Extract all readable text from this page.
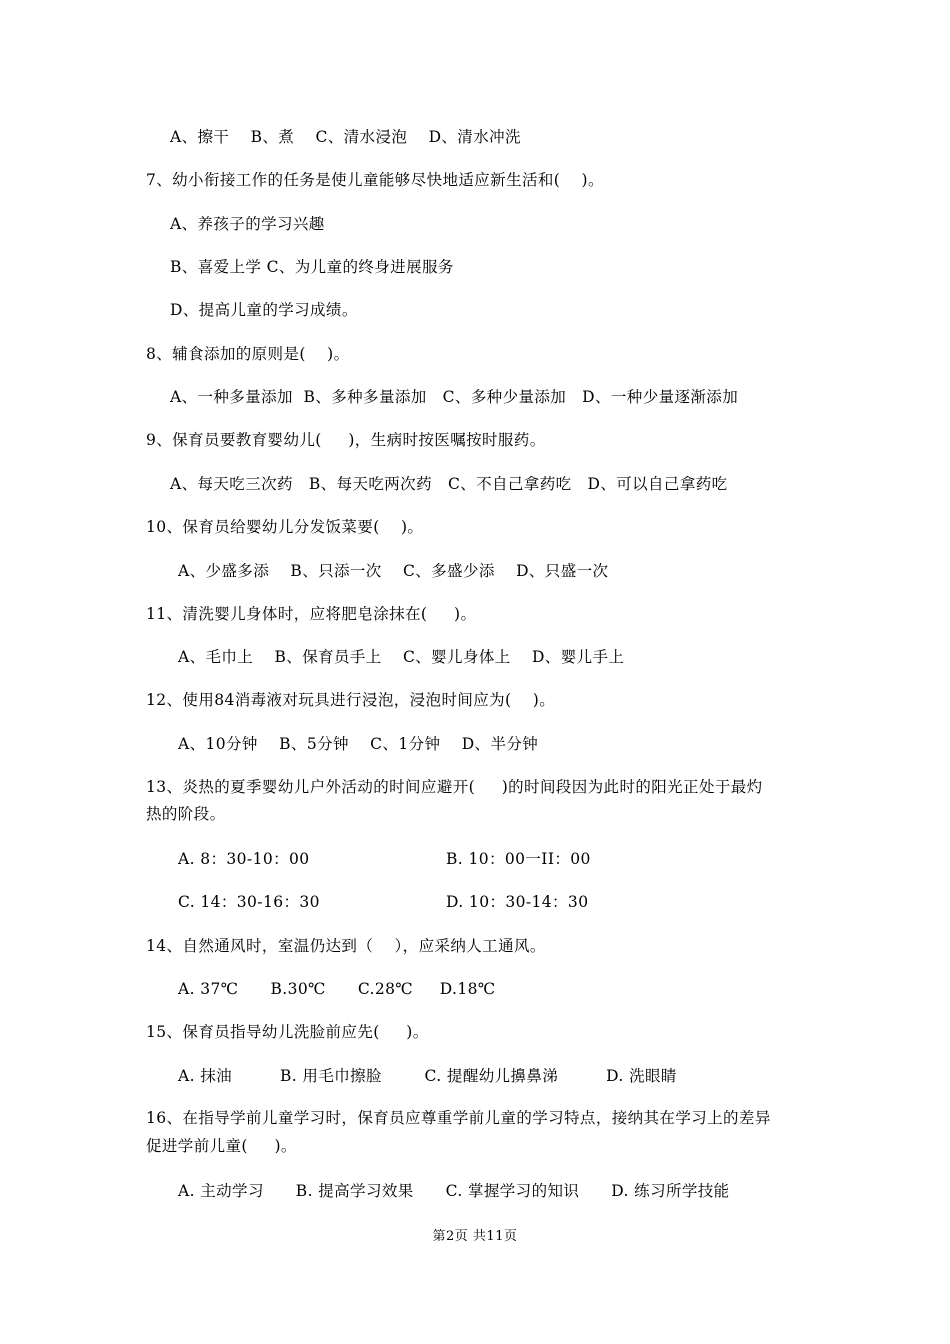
A、擦干    B、煮    C、清水浸泡    D、清水冲洗
7、幼小衔接工作的任务是使儿童能够尽快地适应新生活和(    )。
A、养孩子的学习兴趣
B、喜爱上学 C、为儿童的终身进展服务
D、提高儿童的学习成绩。
8、辅食添加的原则是(    )。
A、一种多量添加  B、多种多量添加   C、多种少量添加   D、一种少量逐渐添加
9、保育员要教育婴幼儿(     )，生病时按医嘱按时服药。
A、每天吃三次药   B、每天吃两次药   C、不自己拿药吃   D、可以自己拿药吃
10、保育员给婴幼儿分发饭菜要(    )。
A、少盛多添    B、只添一次    C、多盛少添    D、只盛一次
11、清洗婴儿身体时，应将肥皂涂抹在(     )。
A、毛巾上    B、保育员手上    C、婴儿身体上    D、婴儿手上
12、使用84消毒液对玩具进行浸泡，浸泡时间应为(    )。
A、10分钟    B、5分钟    C、1分钟    D、半分钟
13、炎热的夏季婴幼儿户外活动的时间应避开(     )的时间段因为此时的阳光正处于最灼
热的阶段。
A. 8：30-10：00	B. 10：00一II：00
C. 14：30-16：30	D. 10：30-14：30
14、自然通风时，室温仍达到（    ），应采纳人工通风。
A. 37℃      B.30℃      C.28℃     D.18℃
15、保育员指导幼儿洗脸前应先(     )。
A. 抹油         B. 用毛巾擦脸        C. 提醒幼儿擤鼻涕         D. 洗眼睛
16、在指导学前儿童学习时，保育员应尊重学前儿童的学习特点，接纳其在学习上的差异
促进学前儿童(     )。
A. 主动学习      B. 提高学习效果      C. 掌握学习的知识      D. 练习所学技能
第2页 共11页
